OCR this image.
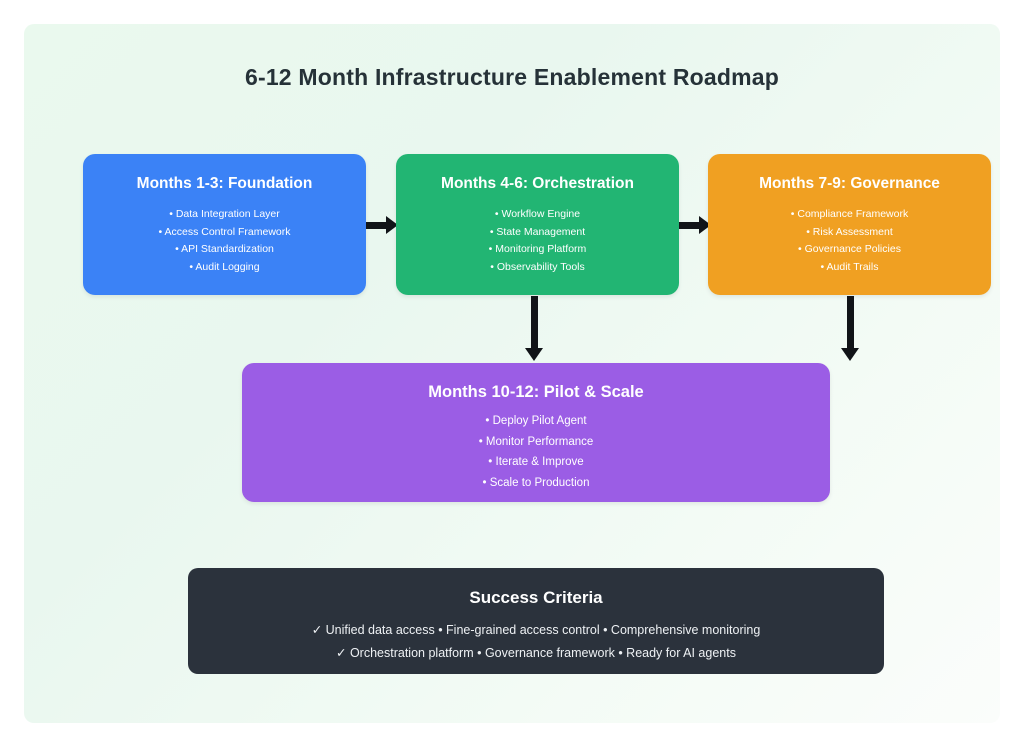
6-12 Month Infrastructure Enablement Roadmap
Months 1-3: Foundation
• Data Integration Layer
• Access Control Framework
• API Standardization
• Audit Logging
Months 4-6: Orchestration
• Workflow Engine
• State Management
• Monitoring Platform
• Observability Tools
Months 7-9: Governance
• Compliance Framework
• Risk Assessment
• Governance Policies
• Audit Trails
Months 10-12: Pilot & Scale
• Deploy Pilot Agent
• Monitor Performance
• Iterate & Improve
• Scale to Production
Success Criteria
✓ Unified data access • Fine-grained access control • Comprehensive monitoring
✓ Orchestration platform • Governance framework • Ready for AI agents
